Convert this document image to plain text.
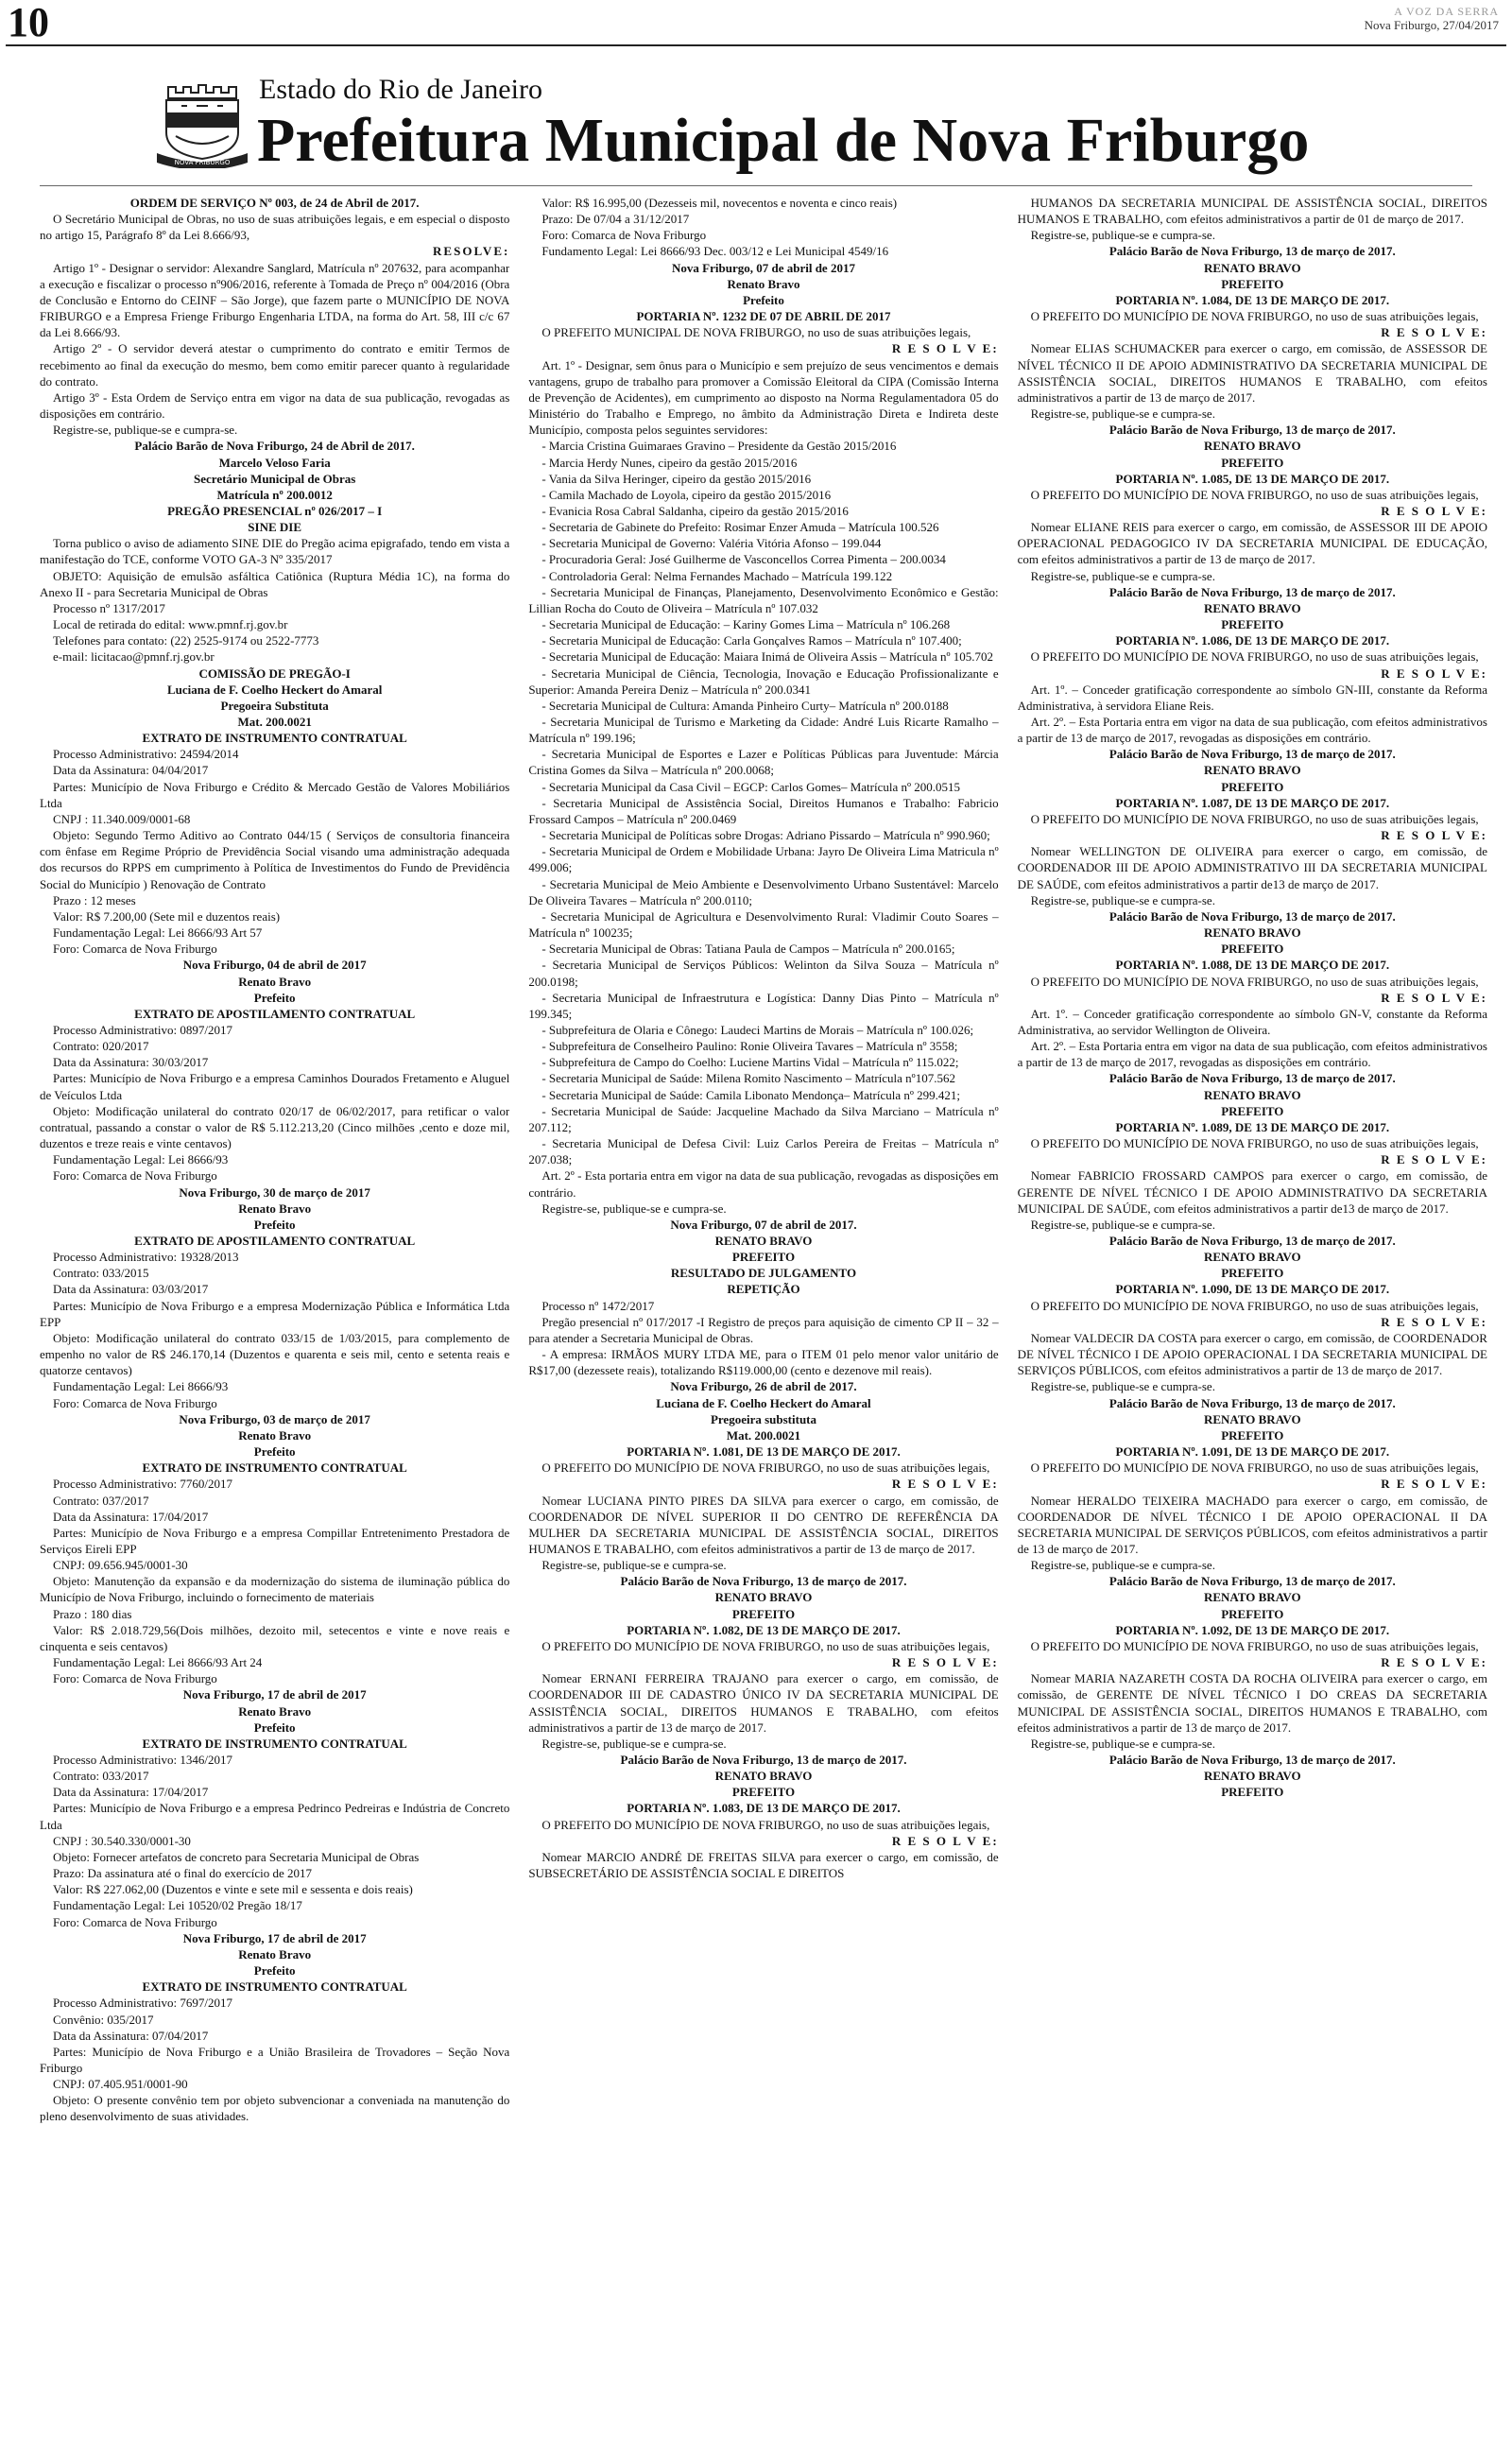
10	A VOZ DA SERRA
Nova Friburgo, 27/04/2017
NOVA FRIBURGO
Estado do Rio de Janeiro
Prefeitura Municipal de Nova Friburgo

ORDEM DE SERVIÇO Nº 003, de 24 de Abril de 2017.

O Secretário Municipal de Obras, no uso de suas atribuições legais, e em especial o disposto no artigo 15, Parágrafo 8º da Lei 8.666/93,

RESOLVE:

Artigo 1º - Designar o servidor: Alexandre Sanglard, Matrícula nº 207632, para acompanhar a execução e fiscalizar o processo nº906/2016, referente à Tomada de Preço nº 004/2016 (Obra de Conclusão e Entorno do CEINF – São Jorge), que fazem parte o MUNICÍPIO DE NOVA FRIBURGO e a Empresa Frienge Friburgo Engenharia LTDA, na forma do Art. 58, III c/c 67 da Lei 8.666/93.

Artigo 2º - O servidor deverá atestar o cumprimento do contrato e emitir Termos de recebimento ao final da execução do mesmo, bem como emitir parecer quanto à regularidade do contrato.

Artigo 3º - Esta Ordem de Serviço entra em vigor na data de sua publicação, revogadas as disposições em contrário.

Registre-se, publique-se e cumpra-se.

Palácio Barão de Nova Friburgo, 24 de Abril de 2017.

Marcelo Veloso Faria

Secretário Municipal de Obras

Matrícula nº 200.0012

PREGÃO PRESENCIAL nº 026/2017 – I

SINE DIE

Torna publico o aviso de adiamento SINE DIE do Pregão acima epigrafado, tendo em vista a manifestação do TCE, conforme VOTO GA-3 Nº 335/2017

OBJETO: Aquisição de emulsão asfáltica Catiônica (Ruptura Média 1C), na forma do Anexo II - para Secretaria Municipal de Obras

Processo nº 1317/2017

Local de retirada do edital: www.pmnf.rj.gov.br

Telefones para contato: (22) 2525-9174 ou 2522-7773

e-mail: licitacao@pmnf.rj.gov.br

COMISSÃO DE PREGÃO-I

Luciana de F. Coelho Heckert do Amaral

Pregoeira Substituta

Mat. 200.0021

EXTRATO DE INSTRUMENTO CONTRATUAL

Processo Administrativo: 24594/2014

Data da Assinatura: 04/04/2017

Partes: Município de Nova Friburgo e Crédito & Mercado Gestão de Valores Mobiliários Ltda

CNPJ : 11.340.009/0001-68

Objeto: Segundo Termo Aditivo ao Contrato 044/15 ( Serviços de consultoria financeira com ênfase em Regime Próprio de Previdência Social visando uma administração adequada dos recursos do RPPS em cumprimento à Política de Investimentos do Fundo de Previdência Social do Município ) Renovação de Contrato

Prazo : 12 meses

Valor: R$ 7.200,00 (Sete mil e duzentos reais)

Fundamentação Legal: Lei 8666/93 Art 57

Foro: Comarca de Nova Friburgo

Nova Friburgo, 04 de abril de 2017

Renato Bravo

Prefeito

EXTRATO DE APOSTILAMENTO CONTRATUAL

Processo Administrativo: 0897/2017

Contrato: 020/2017

Data da Assinatura: 30/03/2017

Partes: Município de Nova Friburgo e a empresa Caminhos Dourados Fretamento e Aluguel de Veículos Ltda

Objeto: Modificação unilateral do contrato 020/17 de 06/02/2017, para retificar o valor contratual, passando a constar o valor de R$ 5.112.213,20 (Cinco milhões ,cento e doze mil, duzentos e treze reais e vinte centavos)

Fundamentação Legal: Lei 8666/93

Foro: Comarca de Nova Friburgo

Nova Friburgo, 30 de março de 2017

Renato Bravo

Prefeito

EXTRATO DE APOSTILAMENTO CONTRATUAL

Processo Administrativo: 19328/2013

Contrato: 033/2015

Data da Assinatura: 03/03/2017

Partes: Município de Nova Friburgo e a empresa Modernização Pública e Informática Ltda EPP

Objeto: Modificação unilateral do contrato 033/15 de 1/03/2015, para complemento de empenho no valor de R$ 246.170,14 (Duzentos e quarenta e seis mil, cento e setenta reais e quatorze centavos)

Fundamentação Legal: Lei 8666/93

Foro: Comarca de Nova Friburgo

Nova Friburgo, 03 de março de 2017

Renato Bravo

Prefeito

EXTRATO DE INSTRUMENTO CONTRATUAL

Processo Administrativo: 7760/2017

Contrato: 037/2017

Data da Assinatura: 17/04/2017

Partes: Município de Nova Friburgo e a empresa Compillar Entretenimento Prestadora de Serviços Eireli EPP

CNPJ: 09.656.945/0001-30

Objeto: Manutenção da expansão e da modernização do sistema de iluminação pública do Município de Nova Friburgo, incluindo o fornecimento de materiais

Prazo : 180 dias

Valor: R$ 2.018.729,56(Dois milhões, dezoito mil, setecentos e vinte e nove reais e cinquenta e seis centavos)

Fundamentação Legal: Lei 8666/93 Art 24

Foro: Comarca de Nova Friburgo

Nova Friburgo, 17 de abril de 2017

Renato Bravo

Prefeito

EXTRATO DE INSTRUMENTO CONTRATUAL

Processo Administrativo: 1346/2017

Contrato: 033/2017

Data da Assinatura: 17/04/2017

Partes: Município de Nova Friburgo e a empresa Pedrinco Pedreiras e Indústria de Concreto Ltda

CNPJ : 30.540.330/0001-30

Objeto: Fornecer artefatos de concreto para Secretaria Municipal de Obras

Prazo: Da assinatura até o final do exercício de 2017

Valor: R$ 227.062,00 (Duzentos e vinte e sete mil e sessenta e dois reais)

Fundamentação Legal: Lei 10520/02 Pregão 18/17

Foro: Comarca de Nova Friburgo

Nova Friburgo, 17 de abril de 2017

Renato Bravo

Prefeito

EXTRATO DE INSTRUMENTO CONTRATUAL

Processo Administrativo: 7697/2017

Convênio: 035/2017

Data da Assinatura: 07/04/2017

Partes: Município de Nova Friburgo e a União Brasileira de Trovadores – Seção Nova Friburgo

CNPJ: 07.405.951/0001-90

Objeto: O presente convênio tem por objeto subvencionar a conveniada na manutenção do pleno desenvolvimento de suas atividades.

Valor: R$ 16.995,00 (Dezesseis mil, novecentos e noventa e cinco reais)

Prazo: De 07/04 a 31/12/2017

Foro: Comarca de Nova Friburgo

Fundamento Legal: Lei 8666/93 Dec. 003/12 e Lei Municipal 4549/16

Nova Friburgo, 07 de abril de 2017

Renato Bravo

Prefeito

PORTARIA Nº. 1232 DE 07 DE ABRIL DE 2017

O PREFEITO MUNICIPAL DE NOVA FRIBURGO, no uso de suas atribuições legais,

R E S O L V E:

Art. 1º - Designar, sem ônus para o Município e sem prejuízo de seus vencimentos e demais vantagens, grupo de trabalho para promover a Comissão Eleitoral da CIPA (Comissão Interna de Prevenção de Acidentes), em cumprimento ao disposto na Norma Regulamentadora 05 do Ministério do Trabalho e Emprego, no âmbito da Administração Direta e Indireta deste Município, composta pelos seguintes servidores:

- Marcia Cristina Guimaraes Gravino – Presidente da Gestão 2015/2016

- Marcia Herdy Nunes, cipeiro da gestão 2015/2016

- Vania da Silva Heringer, cipeiro da gestão 2015/2016

- Camila Machado de Loyola, cipeiro da gestão 2015/2016

- Evanicia Rosa Cabral Saldanha, cipeiro da gestão 2015/2016

- Secretaria de Gabinete do Prefeito: Rosimar Enzer Amuda – Matrícula 100.526

- Secretaria Municipal de Governo: Valéria Vitória Afonso – 199.044

- Procuradoria Geral: José Guilherme de Vasconcellos Correa Pimenta – 200.0034

- Controladoria Geral: Nelma Fernandes Machado – Matrícula 199.122

- Secretaria Municipal de Finanças, Planejamento, Desenvolvimento Econômico e Gestão: Lillian Rocha do Couto de Oliveira – Matrícula nº 107.032

- Secretaria Municipal de Educação: – Kariny Gomes Lima – Matrícula nº 106.268

- Secretaria Municipal de Educação: Carla Gonçalves Ramos – Matrícula nº 107.400;

- Secretaria Municipal de Educação: Maiara Inimá de Oliveira Assis – Matrícula nº 105.702

- Secretaria Municipal de Ciência, Tecnologia, Inovação e Educação Profissionalizante e Superior: Amanda Pereira Deniz – Matrícula nº 200.0341

- Secretaria Municipal de Cultura: Amanda Pinheiro Curty– Matrícula nº 200.0188

- Secretaria Municipal de Turismo e Marketing da Cidade: André Luis Ricarte Ramalho – Matrícula nº 199.196;

- Secretaria Municipal de Esportes e Lazer e Políticas Públicas para Juventude: Márcia Cristina Gomes da Silva – Matrícula nº 200.0068;

- Secretaria Municipal da Casa Civil – EGCP: Carlos Gomes– Matrícula nº 200.0515

- Secretaria Municipal de Assistência Social, Direitos Humanos e Trabalho: Fabricio Frossard Campos – Matrícula nº 200.0469

- Secretaria Municipal de Políticas sobre Drogas: Adriano Pissardo – Matrícula nº 990.960;

- Secretaria Municipal de Ordem e Mobilidade Urbana: Jayro De Oliveira Lima Matricula nº 499.006;

- Secretaria Municipal de Meio Ambiente e Desenvolvimento Urbano Sustentável: Marcelo De Oliveira Tavares – Matrícula nº 200.0110;

- Secretaria Municipal de Agricultura e Desenvolvimento Rural: Vladimir Couto Soares – Matrícula nº 100235;

- Secretaria Municipal de Obras: Tatiana Paula de Campos – Matrícula nº 200.0165;

- Secretaria Municipal de Serviços Públicos: Welinton da Silva Souza – Matrícula nº 200.0198;

- Secretaria Municipal de Infraestrutura e Logística: Danny Dias Pinto – Matrícula nº 199.345;

- Subprefeitura de Olaria e Cônego: Laudeci Martins de Morais – Matrícula nº 100.026;

- Subprefeitura de Conselheiro Paulino: Ronie Oliveira Tavares – Matrícula nº 3558;

- Subprefeitura de Campo do Coelho: Luciene Martins Vidal – Matrícula nº 115.022;

- Secretaria Municipal de Saúde: Milena Romito Nascimento – Matrícula nº107.562

- Secretaria Municipal de Saúde: Camila Libonato Mendonça– Matrícula nº 299.421;

- Secretaria Municipal de Saúde: Jacqueline Machado da Silva Marciano – Matrícula nº 207.112;

- Secretaria Municipal de Defesa Civil: Luiz Carlos Pereira de Freitas – Matrícula nº 207.038;

Art. 2º - Esta portaria entra em vigor na data de sua publicação, revogadas as disposições em contrário.

Registre-se, publique-se e cumpra-se.

Nova Friburgo, 07 de abril de 2017.

RENATO BRAVO

PREFEITO

RESULTADO DE JULGAMENTO

REPETIÇÃO

Processo nº 1472/2017

Pregão presencial nº 017/2017 -I Registro de preços para aquisição de cimento CP II – 32 – para atender a Secretaria Municipal de Obras.

- A empresa: IRMÃOS MURY LTDA ME, para o ITEM 01 pelo menor valor unitário de R$17,00 (dezessete reais), totalizando R$119.000,00 (cento e dezenove mil reais).

Nova Friburgo, 26 de abril de 2017.

Luciana de F. Coelho Heckert do Amaral

Pregoeira substituta

Mat. 200.0021

PORTARIA Nº. 1.081, DE 13 DE MARÇO DE 2017.

O PREFEITO DO MUNICÍPIO DE NOVA FRIBURGO, no uso de suas atribuições legais,

R E S O L V E:

Nomear LUCIANA PINTO PIRES DA SILVA para exercer o cargo, em comissão, de COORDENADOR DE NÍVEL SUPERIOR II DO CENTRO DE REFERÊNCIA DA MULHER DA SECRETARIA MUNICIPAL DE ASSISTÊNCIA SOCIAL, DIREITOS HUMANOS E TRABALHO, com efeitos administrativos a partir de 13 de março de 2017.

Registre-se, publique-se e cumpra-se.

Palácio Barão de Nova Friburgo, 13 de março de 2017.

RENATO BRAVO

PREFEITO

PORTARIA Nº. 1.082, DE 13 DE MARÇO DE 2017.

O PREFEITO DO MUNICÍPIO DE NOVA FRIBURGO, no uso de suas atribuições legais,

R E S O L V E:

Nomear ERNANI FERREIRA TRAJANO para exercer o cargo, em comissão, de COORDENADOR III DE CADASTRO ÚNICO IV DA SECRETARIA MUNICIPAL DE ASSISTÊNCIA SOCIAL, DIREITOS HUMANOS E TRABALHO, com efeitos administrativos a partir de 13 de março de 2017.

Registre-se, publique-se e cumpra-se.

Palácio Barão de Nova Friburgo, 13 de março de 2017.

RENATO BRAVO

PREFEITO

PORTARIA Nº. 1.083, DE 13 DE MARÇO DE 2017.

O PREFEITO DO MUNICÍPIO DE NOVA FRIBURGO, no uso de suas atribuições legais,

R E S O L V E:

Nomear MARCIO ANDRÉ DE FREITAS SILVA para exercer o cargo, em comissão, de SUBSECRETÁRIO DE ASSISTÊNCIA SOCIAL E DIREITOS

HUMANOS DA SECRETARIA MUNICIPAL DE ASSISTÊNCIA SOCIAL, DIREITOS HUMANOS E TRABALHO, com efeitos administrativos a partir de 01 de março de 2017.

Registre-se, publique-se e cumpra-se.

Palácio Barão de Nova Friburgo, 13 de março de 2017.

RENATO BRAVO

PREFEITO

PORTARIA Nº. 1.084, DE 13 DE MARÇO DE 2017.

O PREFEITO DO MUNICÍPIO DE NOVA FRIBURGO, no uso de suas atribuições legais,

R E S O L V E:

Nomear ELIAS SCHUMACKER para exercer o cargo, em comissão, de ASSESSOR DE NÍVEL TÉCNICO II DE APOIO ADMINISTRATIVO DA SECRETARIA MUNICIPAL DE ASSISTÊNCIA SOCIAL, DIREITOS HUMANOS E TRABALHO, com efeitos administrativos a partir de 13 de março de 2017.

Registre-se, publique-se e cumpra-se.

Palácio Barão de Nova Friburgo, 13 de março de 2017.

RENATO BRAVO

PREFEITO

PORTARIA Nº. 1.085, DE 13 DE MARÇO DE 2017.

O PREFEITO DO MUNICÍPIO DE NOVA FRIBURGO, no uso de suas atribuições legais,

R E S O L V E:

Nomear ELIANE REIS para exercer o cargo, em comissão, de ASSESSOR III DE APOIO OPERACIONAL PEDAGOGICO IV DA SECRETARIA MUNICIPAL DE EDUCAÇÃO, com efeitos administrativos a partir de 13 de março de 2017.

Registre-se, publique-se e cumpra-se.

Palácio Barão de Nova Friburgo, 13 de março de 2017.

RENATO BRAVO

PREFEITO

PORTARIA Nº. 1.086, DE 13 DE MARÇO DE 2017.

O PREFEITO DO MUNICÍPIO DE NOVA FRIBURGO, no uso de suas atribuições legais,

R E S O L V E:

Art. 1º. – Conceder gratificação correspondente ao símbolo GN-III, constante da Reforma Administrativa, à servidora Eliane Reis.

Art. 2º. – Esta Portaria entra em vigor na data de sua publicação, com efeitos administrativos a partir de 13 de março de 2017, revogadas as disposições em contrário.

Palácio Barão de Nova Friburgo, 13 de março de 2017.

RENATO BRAVO

PREFEITO

PORTARIA Nº. 1.087, DE 13 DE MARÇO DE 2017.

O PREFEITO DO MUNICÍPIO DE NOVA FRIBURGO, no uso de suas atribuições legais,

R E S O L V E:

Nomear WELLINGTON DE OLIVEIRA para exercer o cargo, em comissão, de COORDENADOR III DE APOIO ADMINISTRATIVO III DA SECRETARIA MUNICIPAL DE SAÚDE, com efeitos administrativos a partir de13 de março de 2017.

Registre-se, publique-se e cumpra-se.

Palácio Barão de Nova Friburgo, 13 de março de 2017.

RENATO BRAVO

PREFEITO

PORTARIA Nº. 1.088, DE 13 DE MARÇO DE 2017.

O PREFEITO DO MUNICÍPIO DE NOVA FRIBURGO, no uso de suas atribuições legais,

R E S O L V E:

Art. 1º. – Conceder gratificação correspondente ao símbolo GN-V, constante da Reforma Administrativa, ao servidor Wellington de Oliveira.

Art. 2º. – Esta Portaria entra em vigor na data de sua publicação, com efeitos administrativos a partir de 13 de março de 2017, revogadas as disposições em contrário.

Palácio Barão de Nova Friburgo, 13 de março de 2017.

RENATO BRAVO

PREFEITO

PORTARIA Nº. 1.089, DE 13 DE MARÇO DE 2017.

O PREFEITO DO MUNICÍPIO DE NOVA FRIBURGO, no uso de suas atribuições legais,

R E S O L V E:

Nomear FABRICIO FROSSARD CAMPOS para exercer o cargo, em comissão, de GERENTE DE NÍVEL TÉCNICO I DE APOIO ADMINISTRATIVO DA SECRETARIA MUNICIPAL DE SAÚDE, com efeitos administrativos a partir de13 de março de 2017.

Registre-se, publique-se e cumpra-se.

Palácio Barão de Nova Friburgo, 13 de março de 2017.

RENATO BRAVO

PREFEITO

PORTARIA Nº. 1.090, DE 13 DE MARÇO DE 2017.

O PREFEITO DO MUNICÍPIO DE NOVA FRIBURGO, no uso de suas atribuições legais,

R E S O L V E:

Nomear VALDECIR DA COSTA para exercer o cargo, em comissão, de COORDENADOR DE NÍVEL TÉCNICO I DE APOIO OPERACIONAL I DA SECRETARIA MUNICIPAL DE SERVIÇOS PÚBLICOS, com efeitos administrativos a partir de 13 de março de 2017.

Registre-se, publique-se e cumpra-se.

Palácio Barão de Nova Friburgo, 13 de março de 2017.

RENATO BRAVO

PREFEITO

PORTARIA Nº. 1.091, DE 13 DE MARÇO DE 2017.

O PREFEITO DO MUNICÍPIO DE NOVA FRIBURGO, no uso de suas atribuições legais,

R E S O L V E:

Nomear HERALDO TEIXEIRA MACHADO para exercer o cargo, em comissão, de COORDENADOR DE NÍVEL TÉCNICO I DE APOIO OPERACIONAL II DA SECRETARIA MUNICIPAL DE SERVIÇOS PÚBLICOS, com efeitos administrativos a partir de 13 de março de 2017.

Registre-se, publique-se e cumpra-se.

Palácio Barão de Nova Friburgo, 13 de março de 2017.

RENATO BRAVO

PREFEITO

PORTARIA Nº. 1.092, DE 13 DE MARÇO DE 2017.

O PREFEITO DO MUNICÍPIO DE NOVA FRIBURGO, no uso de suas atribuições legais,

R E S O L V E:

Nomear MARIA NAZARETH COSTA DA ROCHA OLIVEIRA para exercer o cargo, em comissão, de GERENTE DE NÍVEL TÉCNICO I DO CREAS DA SECRETARIA MUNICIPAL DE ASSISTÊNCIA SOCIAL, DIREITOS HUMANOS E TRABALHO, com efeitos administrativos a partir de 13 de março de 2017.

Registre-se, publique-se e cumpra-se.

Palácio Barão de Nova Friburgo, 13 de março de 2017.

RENATO BRAVO

PREFEITO
